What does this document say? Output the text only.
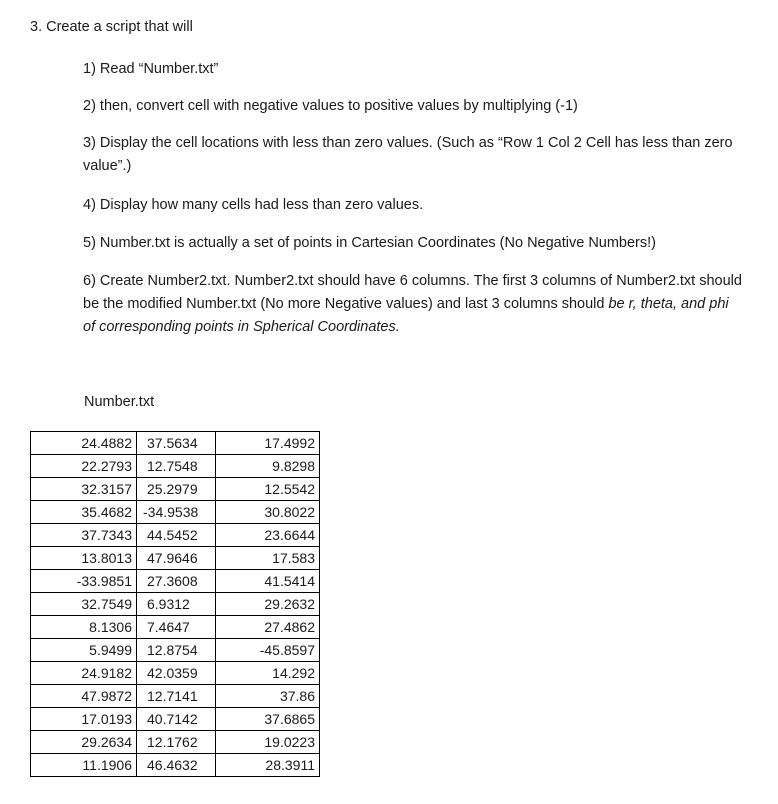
3. Create a script that will
1) Read “Number.txt”
2) then, convert cell with negative values to positive values by multiplying (-1)
3) Display the cell locations with less than zero values. (Such as “Row 1 Col 2 Cell has less than zero value”.)
4) Display how many cells had less than zero values.
5) Number.txt is actually a set of points in Cartesian Coordinates (No Negative Numbers!)
6) Create Number2.txt. Number2.txt should have 6 columns. The first 3 columns of Number2.txt should be the modified Number.txt (No more Negative values) and last 3 columns should be r, theta, and phi of corresponding points in Spherical Coordinates.
Number.txt
24.4882	37.5634	17.4992
22.2793	12.7548	9.8298
32.3157	25.2979	12.5542
35.4682	-34.9538	30.8022
37.7343	44.5452	23.6644
13.8013	47.9646	17.583
-33.9851	27.3608	41.5414
32.7549	6.9312	29.2632
8.1306	7.4647	27.4862
5.9499	12.8754	-45.8597
24.9182	42.0359	14.292
47.9872	12.7141	37.86
17.0193	40.7142	37.6865
29.2634	12.1762	19.0223
11.1906	46.4632	28.3911
